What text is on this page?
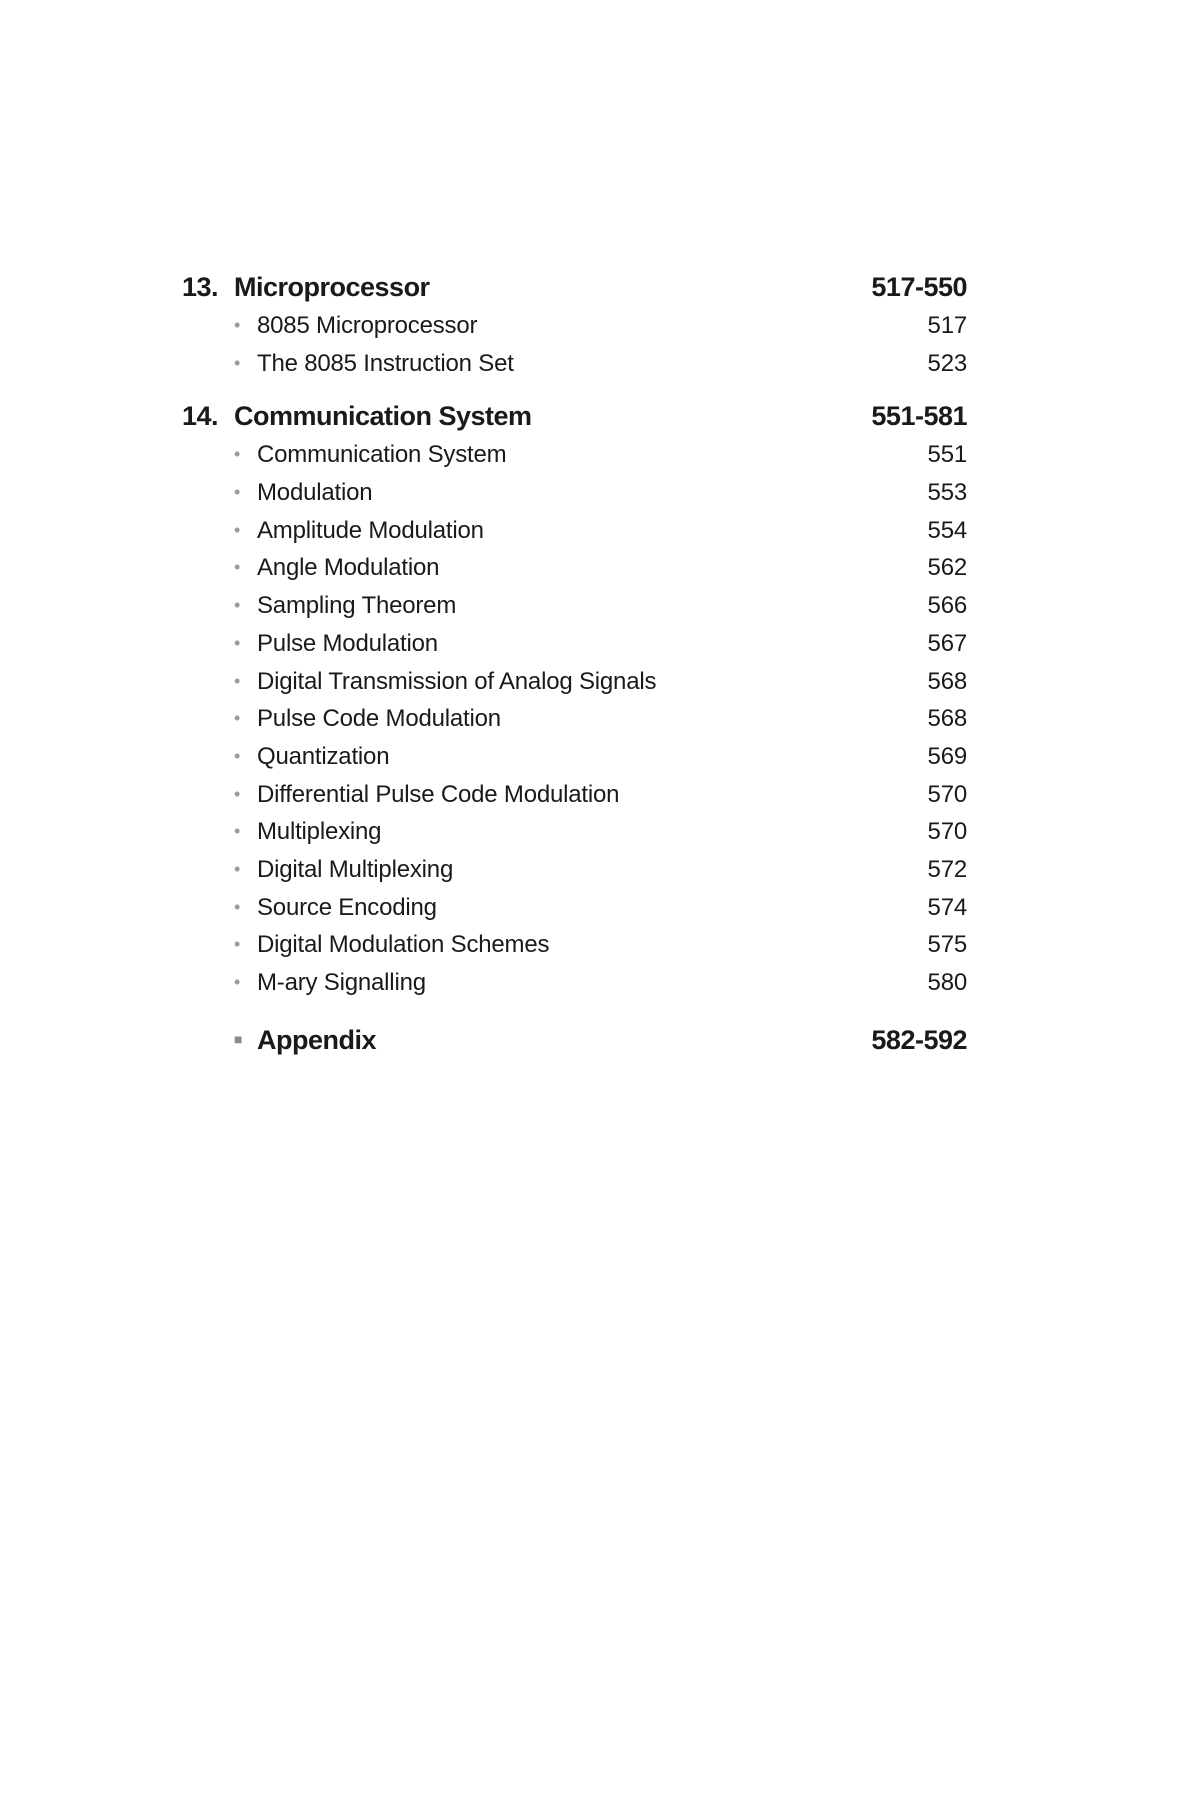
13. Microprocessor	517-550
• 8085 Microprocessor	517
• The 8085 Instruction Set	523
14. Communication System	551-581
• Communication System	551
• Modulation	553
• Amplitude Modulation	554
• Angle Modulation	562
• Sampling Theorem	566
• Pulse Modulation	567
• Digital Transmission of Analog Signals	568
• Pulse Code Modulation	568
• Quantization	569
• Differential Pulse Code Modulation	570
• Multiplexing	570
• Digital Multiplexing	572
• Source Encoding	574
• Digital Modulation Schemes	575
• M-ary Signalling	580
■ Appendix	582-592
